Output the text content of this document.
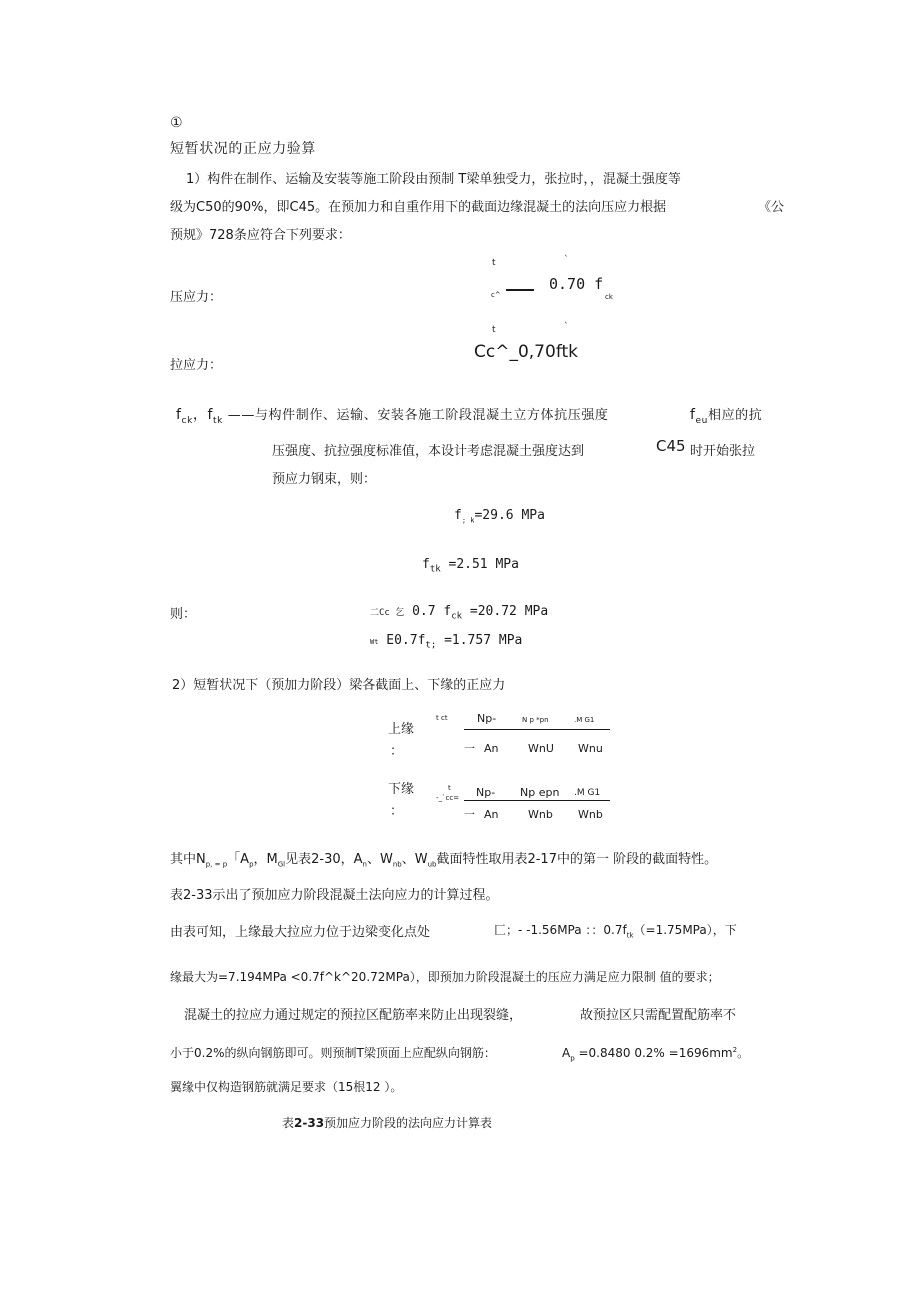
①
短暂状况的正应力验算
1）构件在制作、运输及安装等施工阶段由预制 T梁单独受力，张拉时，，混凝土强度等
级为C50的90%，即C45。在预加力和自重作用下的截面边缘混凝土的法向压应力根据	《公
预规》728条应符合下列要求：
t	`
压应力：	c^
0.70 f
ck
t	`
Cc^_0,70ftk
拉应力：
$f_{ck}$，$f_{tk}$ ——与构件制作、运输、安装各施工阶段混凝土立方体抗压强度	$f_{eu}$相应的抗
压强度、抗拉强度标准值，本设计考虑混凝土强度达到	C45 时开始张拉
预应力钢束，则：
$f_{; k}=29.6$ MPa
$f_{tk} =2.51$ MPa
则：	二Cc 乞 0.7 $f_{ck} =20.72$ MPa
Wt $E0.7f_{t;} =1.757$ MPa
2）短暂状况下（预加力阶段）梁各截面上、下缘的正应力
上缘
：
t ct	Np-	N p *pn	.M G1
一 An	WnU Wnu
下缘
：
t
-_`cc= Np- Np epn .M G1
一 An	Wnb Wnb
其中$N_{p, = p}$「$A_p$，$M_{Gl}$见表2-30，$A_n$、$W_{nb}$、$W_{ub}$截面特性取用表2-17中的第一 阶段的截面特性。
表2-33示出了预加应力阶段混凝土法向应力的计算过程。
由表可知，上缘最大拉应力位于边梁变化点处	匚；- -1.56MPa ：：$0.7f_{tk}(=1.75MPa)$，下
缘最大为=7.194MPa <0.7f^k^20.72MPa），即预加力阶段混凝土的压应力满足应力限制 值的要求；
混凝土的拉应力通过规定的预拉区配筋率来防止出现裂缝，	故预拉区只需配置配筋率不
小于0.2%的纵向钢筋即可。则预制T梁顶面上应配纵向钢筋：	$A_p =0.8480$ $0.2\% =1696mm^2$。
翼缘中仅构造钢筋就满足要求（15根12 ）。
表2-33预加应力阶段的法向应力计算表
